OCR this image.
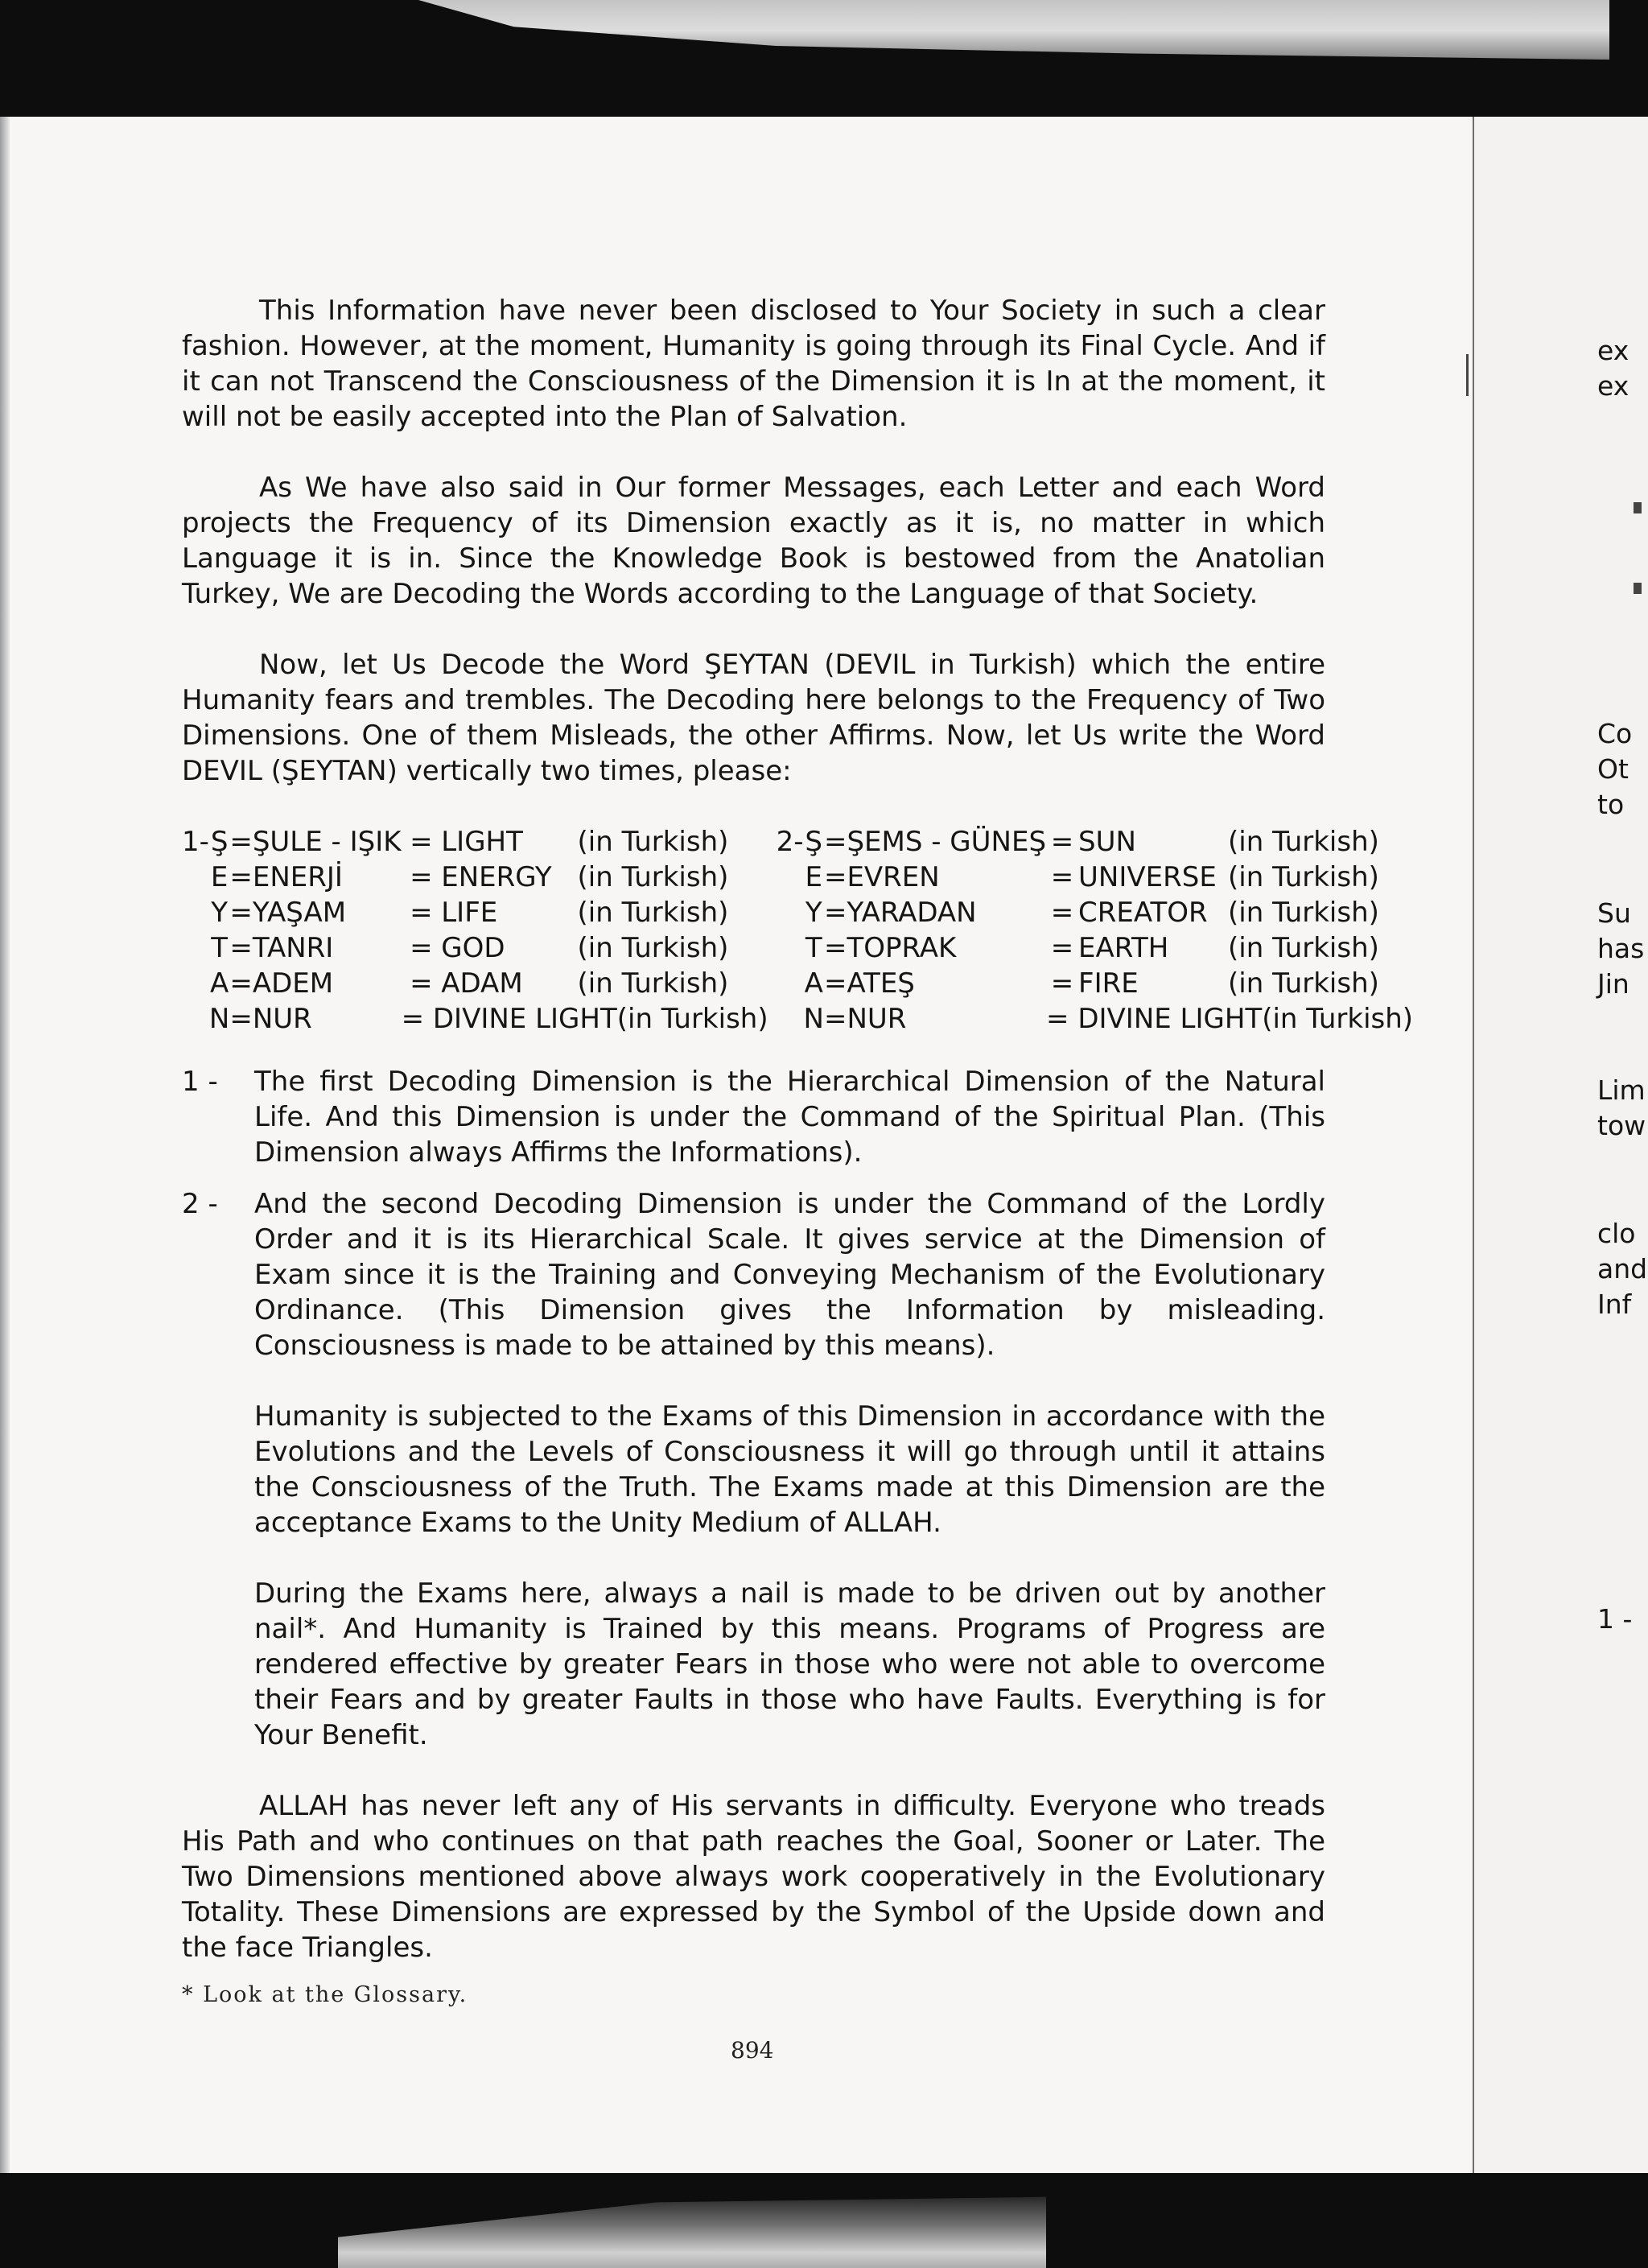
This Information have never been disclosed to Your Society in such a clear fashion. However, at the moment, Humanity is going through its Final Cycle. And if it can not Transcend the Consciousness of the Dimension it is In at the moment, it will not be easily accepted into the Plan of Salvation.

As We have also said in Our former Messages, each Letter and each Word projects the Frequency of its Dimension exactly as it is, no matter in which Language it is in. Since the Knowledge Book is bestowed from the Anatolian Turkey, We are Decoding the Words according to the Language of that Society.

Now, let Us Decode the Word ŞEYTAN (DEVIL in Turkish) which the entire Humanity fears and trembles. The Decoding here belongs to the Frequency of Two Dimensions. One of them Misleads, the other Affirms. Now, let Us write the Word DEVIL (ŞEYTAN) vertically two times, please:

1-	Ş	=	ŞULE - IŞIK	=	LIGHT	(in Turkish)	2-	Ş	=	ŞEMS - GÜNEŞ	=	SUN	(in Turkish)
	E	=	ENERJİ	=	ENERGY	(in Turkish)		E	=	EVREN	=	UNIVERSE	(in Turkish)
	Y	=	YAŞAM	=	LIFE	(in Turkish)		Y	=	YARADAN	=	CREATOR	(in Turkish)
	T	=	TANRI	=	GOD	(in Turkish)		T	=	TOPRAK	=	EARTH	(in Turkish)
	A	=	ADEM	=	ADAM	(in Turkish)		A	=	ATEŞ	=	FIRE	(in Turkish)
	N	=	NUR	= DIVINE LIGHT(in Turkish)				N	=	NUR	= DIVINE LIGHT(in Turkish)		
1 -	The first Decoding Dimension is the Hierarchical Dimension of the Natural Life. And this Dimension is under the Command of the Spiritual Plan. (This Dimension always Affirms the Informations).
2 -	And the second Decoding Dimension is under the Command of the Lordly Order and it is its Hierarchical Scale. It gives service at the Dimension of Exam since it is the Training and Conveying Mechanism of the Evolutionary Ordinance. (This Dimension gives the Information by misleading. Consciousness is made to be attained by this means).

Humanity is subjected to the Exams of this Dimension in accordance with the Evolutions and the Levels of Consciousness it will go through until it attains the Consciousness of the Truth. The Exams made at this Dimension are the acceptance Exams to the Unity Medium of ALLAH.

During the Exams here, always a nail is made to be driven out by another nail*. And Humanity is Trained by this means. Programs of Progress are rendered effective by greater Fears in those who were not able to overcome their Fears and by greater Faults in those who have Faults. Everything is for Your Benefit.

ALLAH has never left any of His servants in difficulty. Everyone who treads His Path and who continues on that path reaches the Goal, Sooner or Later. The Two Dimensions mentioned above always work cooperatively in the Evolutionary Totality. These Dimensions are expressed by the Symbol of the Upside down and the face Triangles.

* Look at the Glossary.
894
ex
ex
Co
Ot
to
Su
has
Jin
Lim
tow
clo
and
Inf
1 -
